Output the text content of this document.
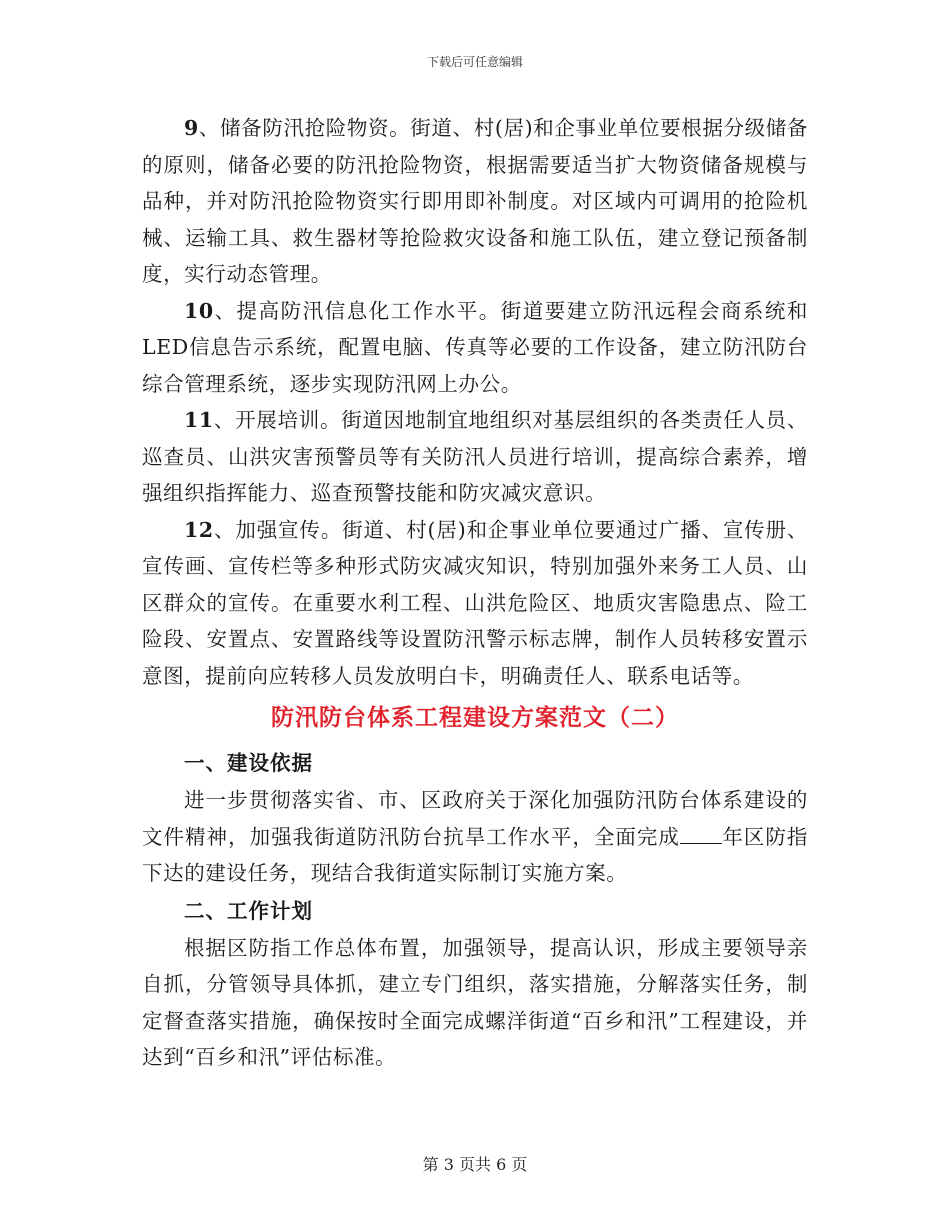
下载后可任意编辑

9、储备防汛抢险物资。街道、村(居)和企事业单位要根据分级储备的原则，储备必要的防汛抢险物资，根据需要适当扩大物资储备规模与品种，并对防汛抢险物资实行即用即补制度。对区域内可调用的抢险机械、运输工具、救生器材等抢险救灾设备和施工队伍，建立登记预备制度，实行动态管理。

10、提高防汛信息化工作水平。街道要建立防汛远程会商系统和LED信息告示系统，配置电脑、传真等必要的工作设备，建立防汛防台综合管理系统，逐步实现防汛网上办公。

11、开展培训。街道因地制宜地组织对基层组织的各类责任人员、巡查员、山洪灾害预警员等有关防汛人员进行培训，提高综合素养，增强组织指挥能力、巡查预警技能和防灾减灾意识。

12、加强宣传。街道、村(居)和企事业单位要通过广播、宣传册、宣传画、宣传栏等多种形式防灾减灾知识，特别加强外来务工人员、山区群众的宣传。在重要水利工程、山洪危险区、地质灾害隐患点、险工险段、安置点、安置路线等设置防汛警示标志牌，制作人员转移安置示意图，提前向应转移人员发放明白卡，明确责任人、联系电话等。

防汛防台体系工程建设方案范文（二）

一、建设依据

进一步贯彻落实省、市、区政府关于深化加强防汛防台体系建设的文件精神，加强我街道防汛防台抗旱工作水平，全面完成 年区防指下达的建设任务，现结合我街道实际制订实施方案。

二、工作计划

根据区防指工作总体布置，加强领导，提高认识，形成主要领导亲自抓，分管领导具体抓，建立专门组织，落实措施，分解落实任务，制定督查落实措施，确保按时全面完成螺洋街道“百乡和汛”工程建设，并达到“百乡和汛”评估标准。

第 3 页共 6 页
